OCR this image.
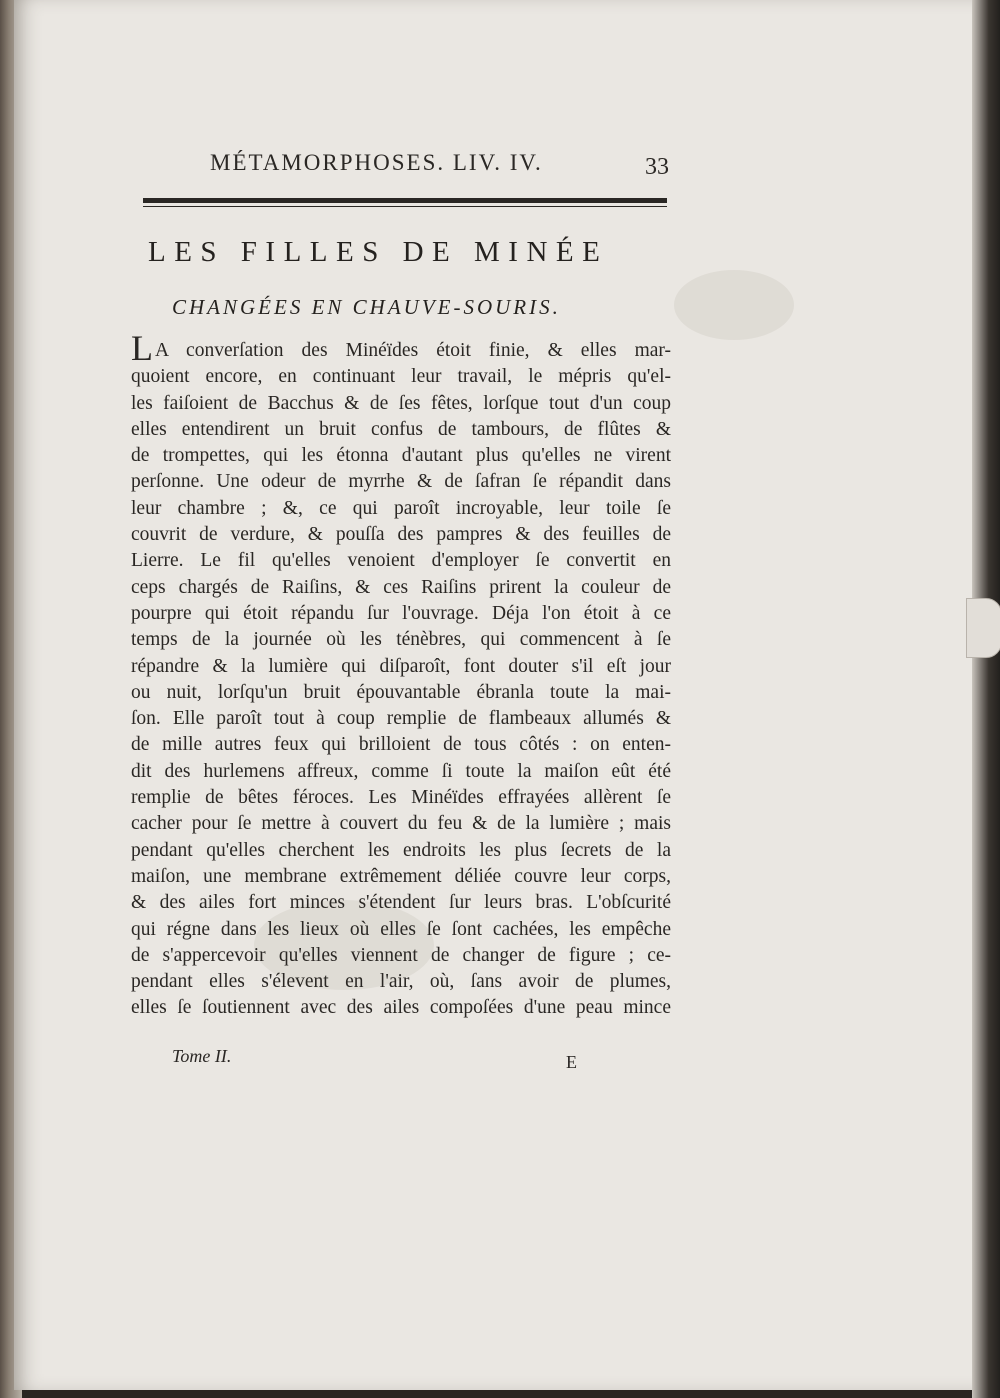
MÉTAMORPHOSES. LIV. IV.	33
LES FILLES DE MINÉE
CHANGÉES EN CHAUVE-SOURIS.
L A converſation des Minéïdes étoit finie, & elles mar-
quoient encore, en continuant leur travail, le mépris qu'el-
les faiſoient de Bacchus & de ſes fêtes, lorſque tout d'un coup
elles entendirent un bruit confus de tambours, de flûtes &
de trompettes, qui les étonna d'autant plus qu'elles ne virent
perſonne. Une odeur de myrrhe & de ſafran ſe répandit dans
leur chambre ; &, ce qui paroît incroyable, leur toile ſe
couvrit de verdure, & pouſſa des pampres & des feuilles de
Lierre. Le fil qu'elles venoient d'employer ſe convertit en
ceps chargés de Raiſins, & ces Raiſins prirent la couleur de
pourpre qui étoit répandu ſur l'ouvrage. Déja l'on étoit à ce
temps de la journée où les ténèbres, qui commencent à ſe
répandre & la lumière qui diſparoît, font douter s'il eſt jour
ou nuit, lorſqu'un bruit épouvantable ébranla toute la mai-
ſon. Elle paroît tout à coup remplie de flambeaux allumés &
de mille autres feux qui brilloient de tous côtés : on enten-
dit des hurlemens affreux, comme ſi toute la maiſon eût été
remplie de bêtes féroces. Les Minéïdes effrayées allèrent ſe
cacher pour ſe mettre à couvert du feu & de la lumière ; mais
pendant qu'elles cherchent les endroits les plus ſecrets de la
maiſon, une membrane extrêmement déliée couvre leur corps,
& des ailes fort minces s'étendent ſur leurs bras. L'obſcurité
qui régne dans les lieux où elles ſe ſont cachées, les empêche
de s'appercevoir qu'elles viennent de changer de figure ; ce-
pendant elles s'élevent en l'air, où, ſans avoir de plumes,
elles ſe ſoutiennent avec des ailes compoſées d'une peau mince
Tome II.	E
